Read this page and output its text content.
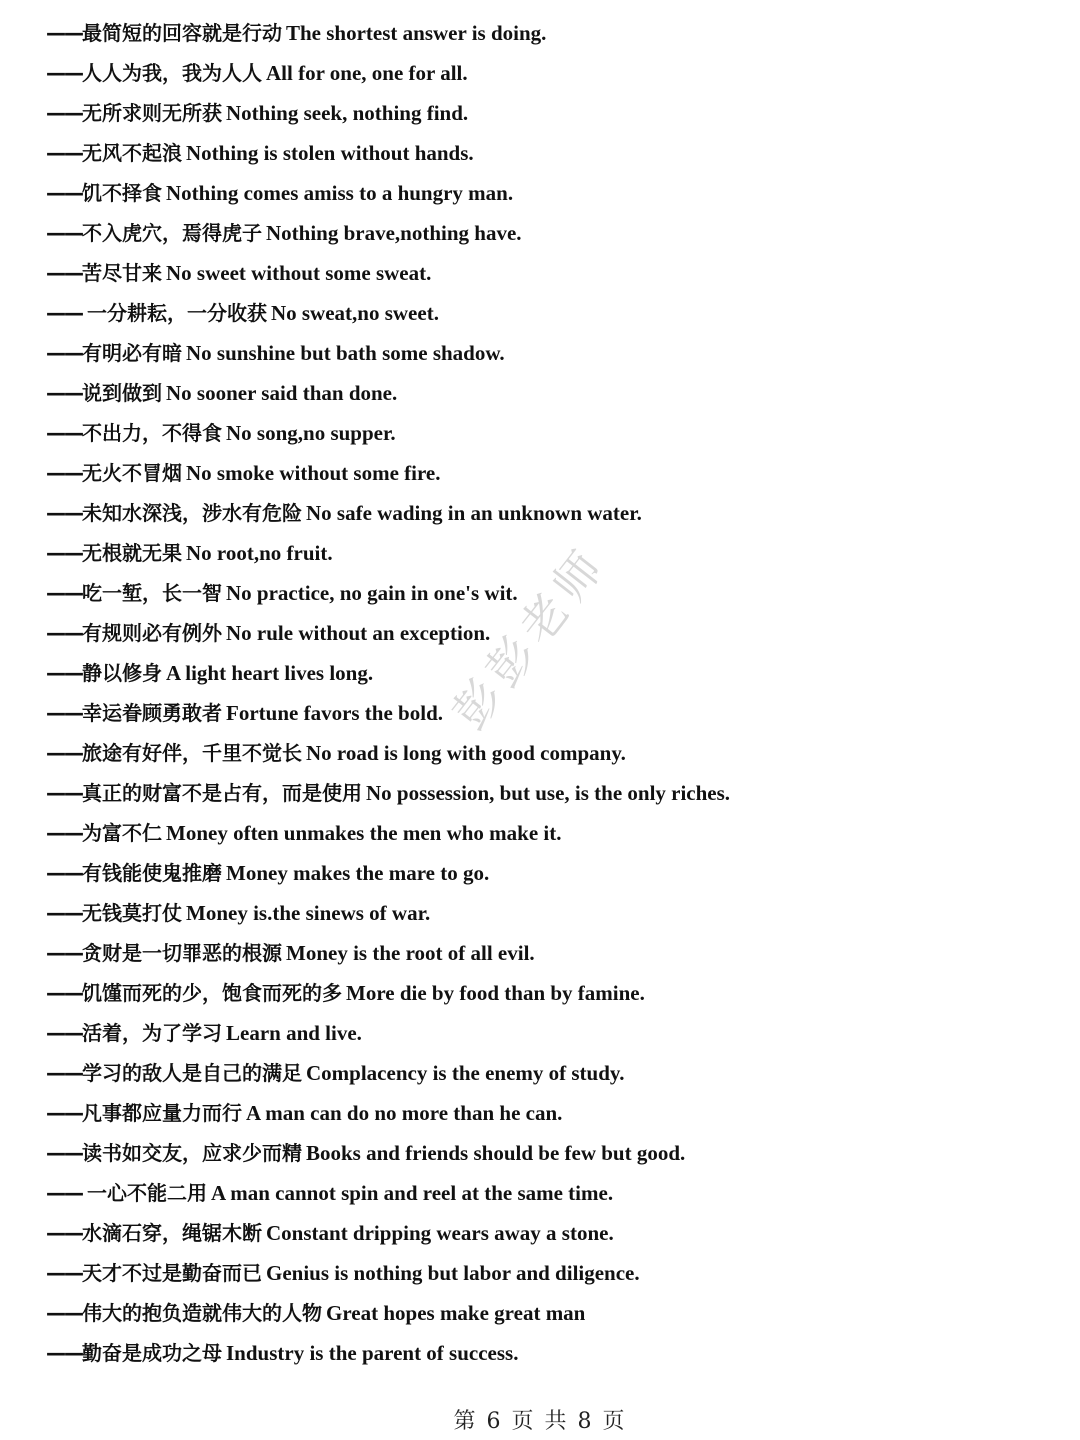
——最简短的回容就是行动 The shortest answer is doing.
——人人为我，我为人人 All for one, one for all.
——无所求则无所获 Nothing seek, nothing find.
——无风不起浪 Nothing is stolen without hands.
——饥不择食 Nothing comes amiss to a hungry man.
——不入虎穴，焉得虎子 Nothing brave,nothing have.
——苦尽甘来 No sweet without some sweat.
—— 一分耕耘，一分收获 No sweat,no sweet.
——有明必有暗 No sunshine but bath some shadow.
——说到做到 No sooner said than done.
——不出力，不得食 No song,no supper.
——无火不冒烟 No smoke without some fire.
——未知水深浅，涉水有危险 No safe wading in an unknown water.
——无根就无果 No root,no fruit.
——吃一堑，长一智 No practice, no gain in one's wit.
——有规则必有例外 No rule without an exception.
——静以修身 A light heart lives long.
——幸运眷顾勇敢者 Fortune favors the bold.
——旅途有好伴，千里不觉长 No road is long with good company.
——真正的财富不是占有，而是使用 No possession, but use, is the only riches.
——为富不仁 Money often unmakes the men who make it.
——有钱能使鬼推磨 Money makes the mare to go.
——无钱莫打仗 Money is.the sinews of war.
——贪财是一切罪恶的根源 Money is the root of all evil.
——饥馑而死的少，饱食而死的多 More die by food than by famine.
——活着，为了学习 Learn and live.
——学习的敌人是自己的满足 Complacency is the enemy of study.
——凡事都应量力而行 A man can do no more than he can.
——读书如交友，应求少而精 Books and friends should be few but good.
—— 一心不能二用 A man cannot spin and reel at the same time.
——水滴石穿，绳锯木断 Constant dripping wears away a stone.
——天才不过是勤奋而已 Genius is nothing but labor and diligence.
——伟大的抱负造就伟大的人物 Great hopes make great man
——勤奋是成功之母 Industry is the parent of success.
彭彭老师
第 6 页 共 8 页
